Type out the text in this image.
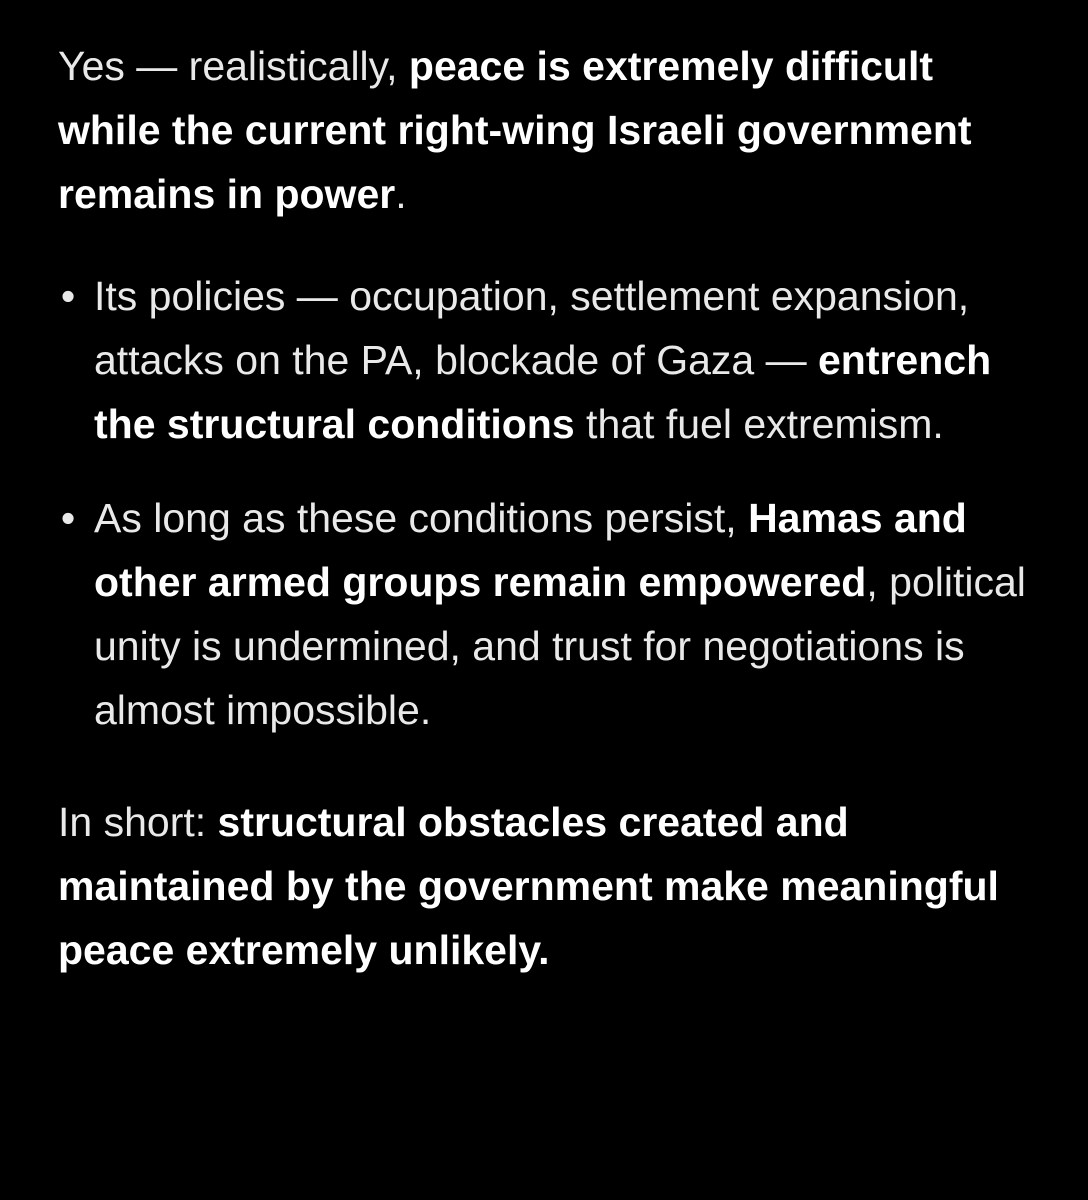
Yes — realistically, peace is extremely difficult while the current right-wing Israeli government remains in power.

• Its policies — occupation, settlement expansion, attacks on the PA, blockade of Gaza — entrench the structural conditions that fuel extremism.
• As long as these conditions persist, Hamas and other armed groups remain empowered, political unity is undermined, and trust for negotiations is almost impossible.

In short: structural obstacles created and maintained by the government make meaningful peace extremely unlikely.
